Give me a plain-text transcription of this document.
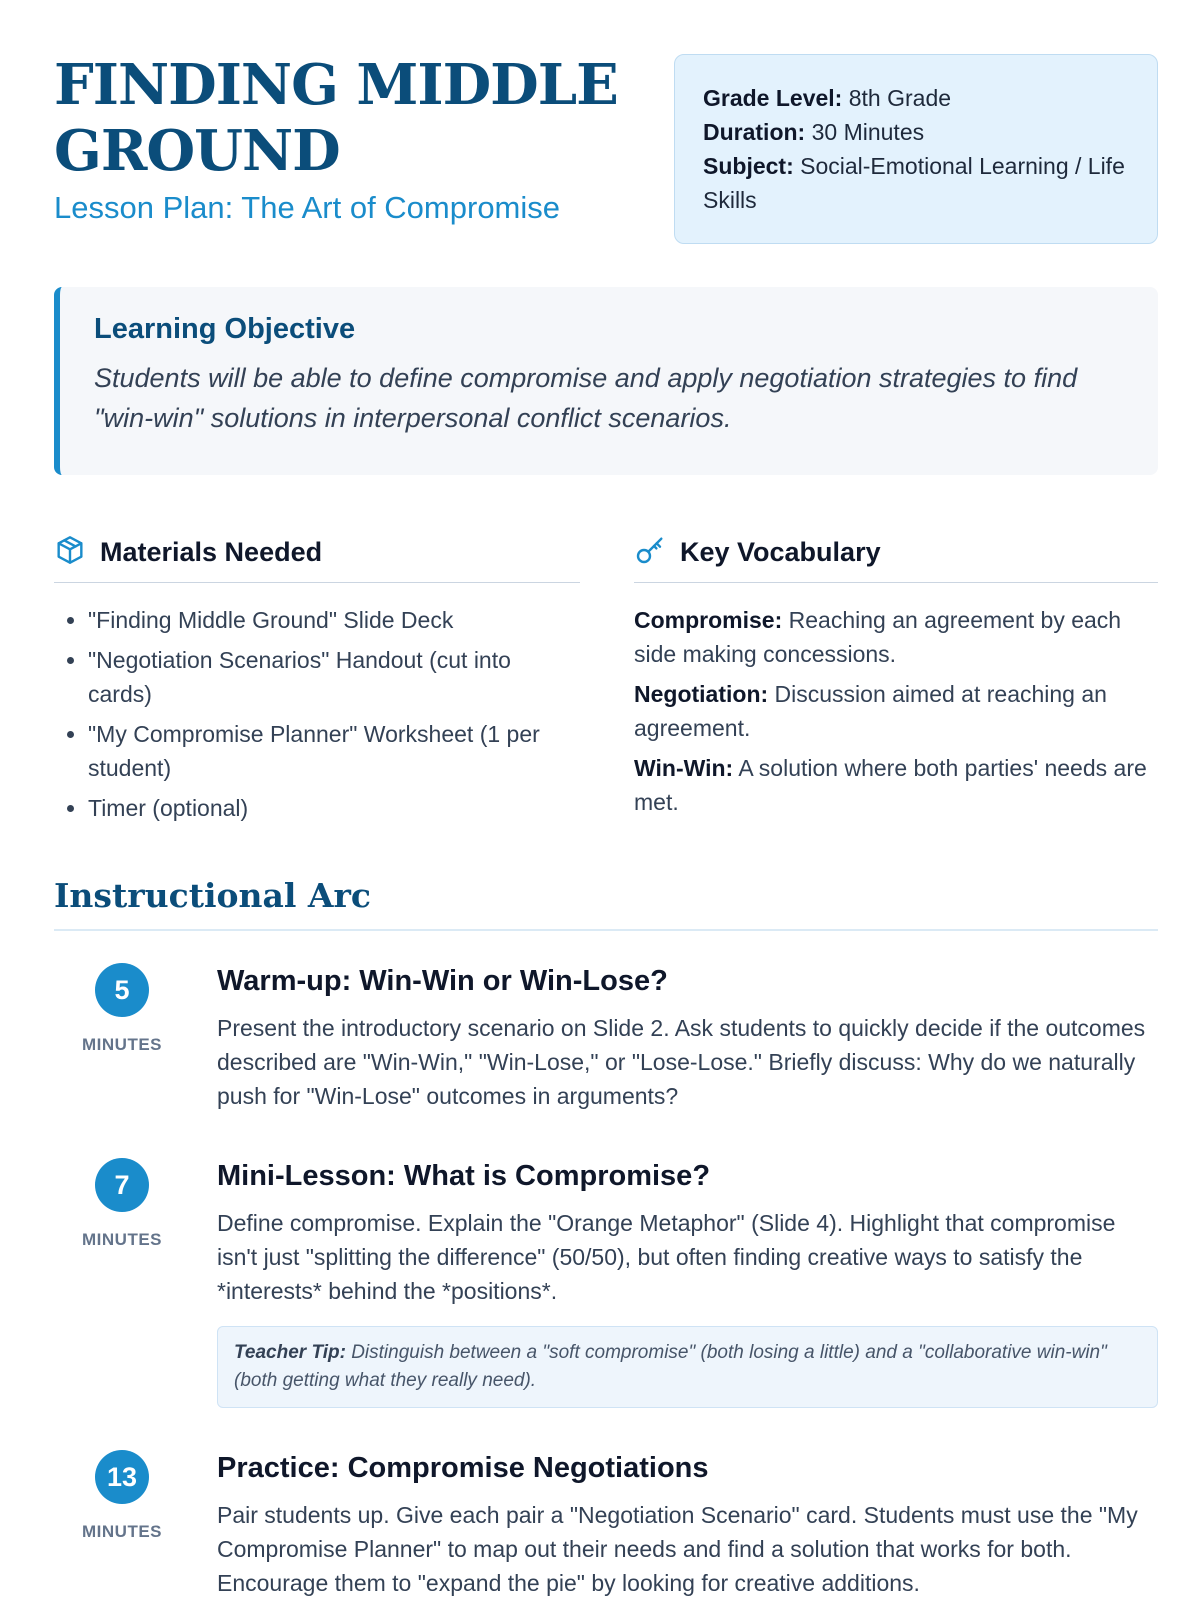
FINDING MIDDLE GROUND
Lesson Plan: The Art of Compromise
Grade Level: 8th Grade
Duration: 30 Minutes
Subject: Social-Emotional Learning / Life Skills
Learning Objective

Students will be able to define compromise and apply negotiation strategies to find "win-win" solutions in interpersonal conflict scenarios.

Materials Needed
• "Finding Middle Ground" Slide Deck
• "Negotiation Scenarios" Handout (cut into cards)
• "My Compromise Planner" Worksheet (1 per student)
• Timer (optional)
Key Vocabulary
Compromise: Reaching an agreement by each side making concessions.
Negotiation: Discussion aimed at reaching an agreement.
Win-Win: A solution where both parties' needs are met.
Instructional Arc
5
MINUTES
Warm-up: Win-Win or Win-Lose?

Present the introductory scenario on Slide 2. Ask students to quickly decide if the outcomes described are "Win-Win," "Win-Lose," or "Lose-Lose." Briefly discuss: Why do we naturally push for "Win-Lose" outcomes in arguments?

7
MINUTES
Mini-Lesson: What is Compromise?

Define compromise. Explain the "Orange Metaphor" (Slide 4). Highlight that compromise isn't just "splitting the difference" (50/50), but often finding creative ways to satisfy the *interests* behind the *positions*.

Teacher Tip: Distinguish between a "soft compromise" (both losing a little) and a "collaborative win-win" (both getting what they really need).
13
MINUTES
Practice: Compromise Negotiations

Pair students up. Give each pair a "Negotiation Scenario" card. Students must use the "My Compromise Planner" to map out their needs and find a solution that works for both. Encourage them to "expand the pie" by looking for creative additions.
